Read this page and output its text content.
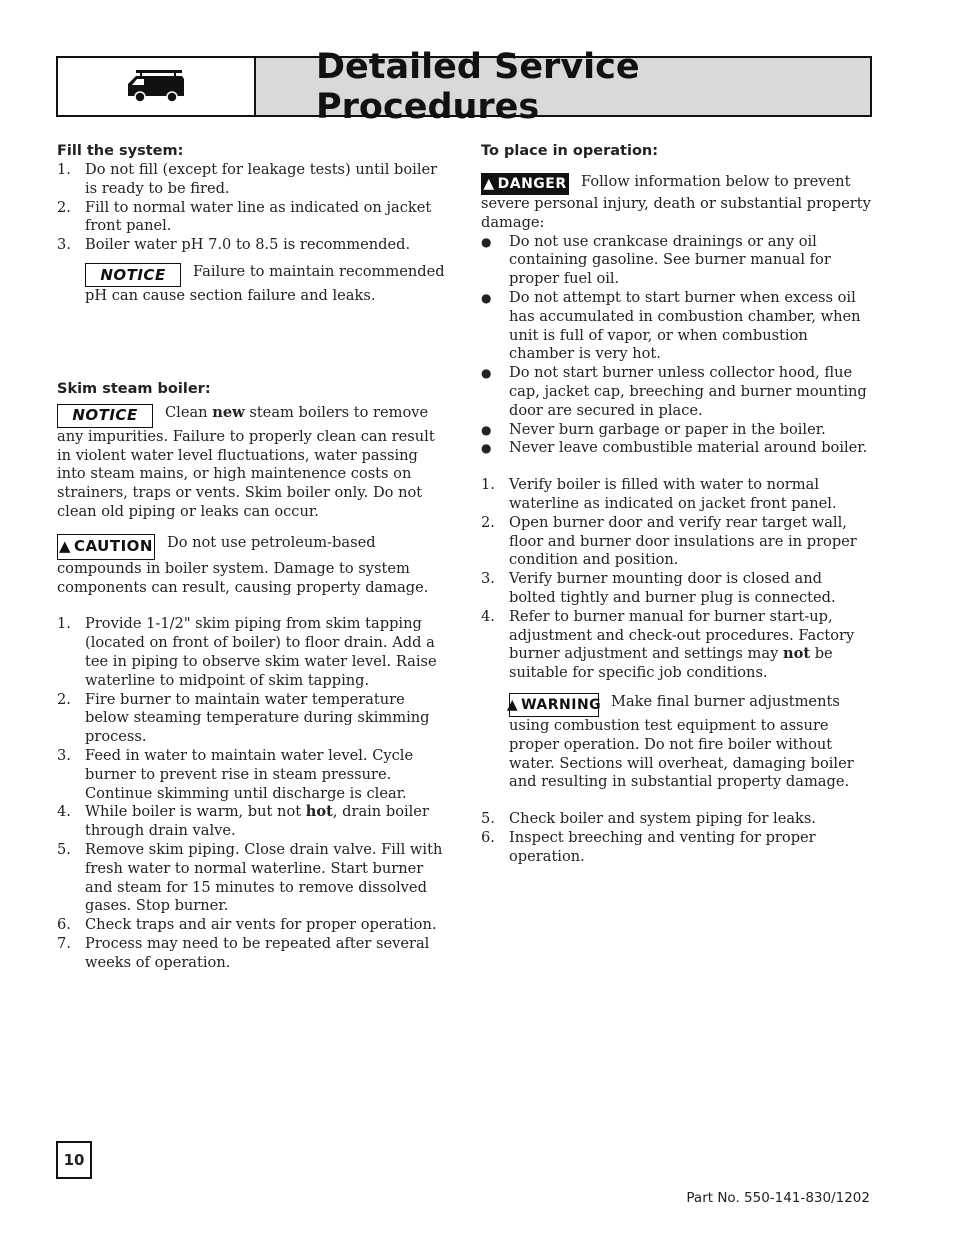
Detailed Service Procedures

Fill the system:

1. Do not fill (except for leakage tests) until boiler is ready to be fired.
2. Fill to normal water line as indicated on jacket front panel.
3. Boiler water pH 7.0 to 8.5 is recommended.

NOTICE Failure to maintain recommended pH can cause section failure and leaks.

Skim steam boiler:

NOTICE Clean new steam boilers to remove any impurities. Failure to properly clean can result in violent water level fluctuations, water passing into steam mains, or high maintenence costs on strainers, traps or vents. Skim boiler only. Do not clean old piping or leaks can occur.

▲ CAUTION Do not use petroleum-based compounds in boiler system. Damage to system components can result, causing property damage.

1. Provide 1-1/2" skim piping from skim tapping (located on front of boiler) to floor drain. Add a tee in piping to observe skim water level. Raise waterline to midpoint of skim tapping.
2. Fire burner to maintain water temperature below steaming temperature during skimming process.
3. Feed in water to maintain water level. Cycle burner to prevent rise in steam pressure. Continue skimming until discharge is clear.
4. While boiler is warm, but not hot, drain boiler through drain valve.
5. Remove skim piping. Close drain valve. Fill with fresh water to normal waterline. Start burner and steam for 15 minutes to remove dissolved gases. Stop burner.
6. Check traps and air vents for proper operation.
7. Process may need to be repeated after several weeks of operation.

To place in operation:

▲ DANGER Follow information below to prevent severe personal injury, death or substantial property damage:

● Do not use crankcase drainings or any oil containing gasoline. See burner manual for proper fuel oil.
● Do not attempt to start burner when excess oil has accumulated in combustion chamber, when unit is full of vapor, or when combustion chamber is very hot.
● Do not start burner unless collector hood, flue cap, jacket cap, breeching and burner mounting door are secured in place.
● Never burn garbage or paper in the boiler.
● Never leave combustible material around boiler.
1. Verify boiler is filled with water to normal waterline as indicated on jacket front panel.
2. Open burner door and verify rear target wall, floor and burner door insulations are in proper condition and position.
3. Verify burner mounting door is closed and bolted tightly and burner plug is connected.
4. Refer to burner manual for burner start-up, adjustment and check-out procedures. Factory burner adjustment and settings may not be suitable for specific job conditions.

▲ WARNING Make final burner adjustments using combustion test equipment to assure proper operation. Do not fire boiler without water. Sections will overheat, damaging boiler and resulting in substantial property damage.

5. Check boiler and system piping for leaks.
6. Inspect breeching and venting for proper operation.
10
Part No. 550-141-830/1202
